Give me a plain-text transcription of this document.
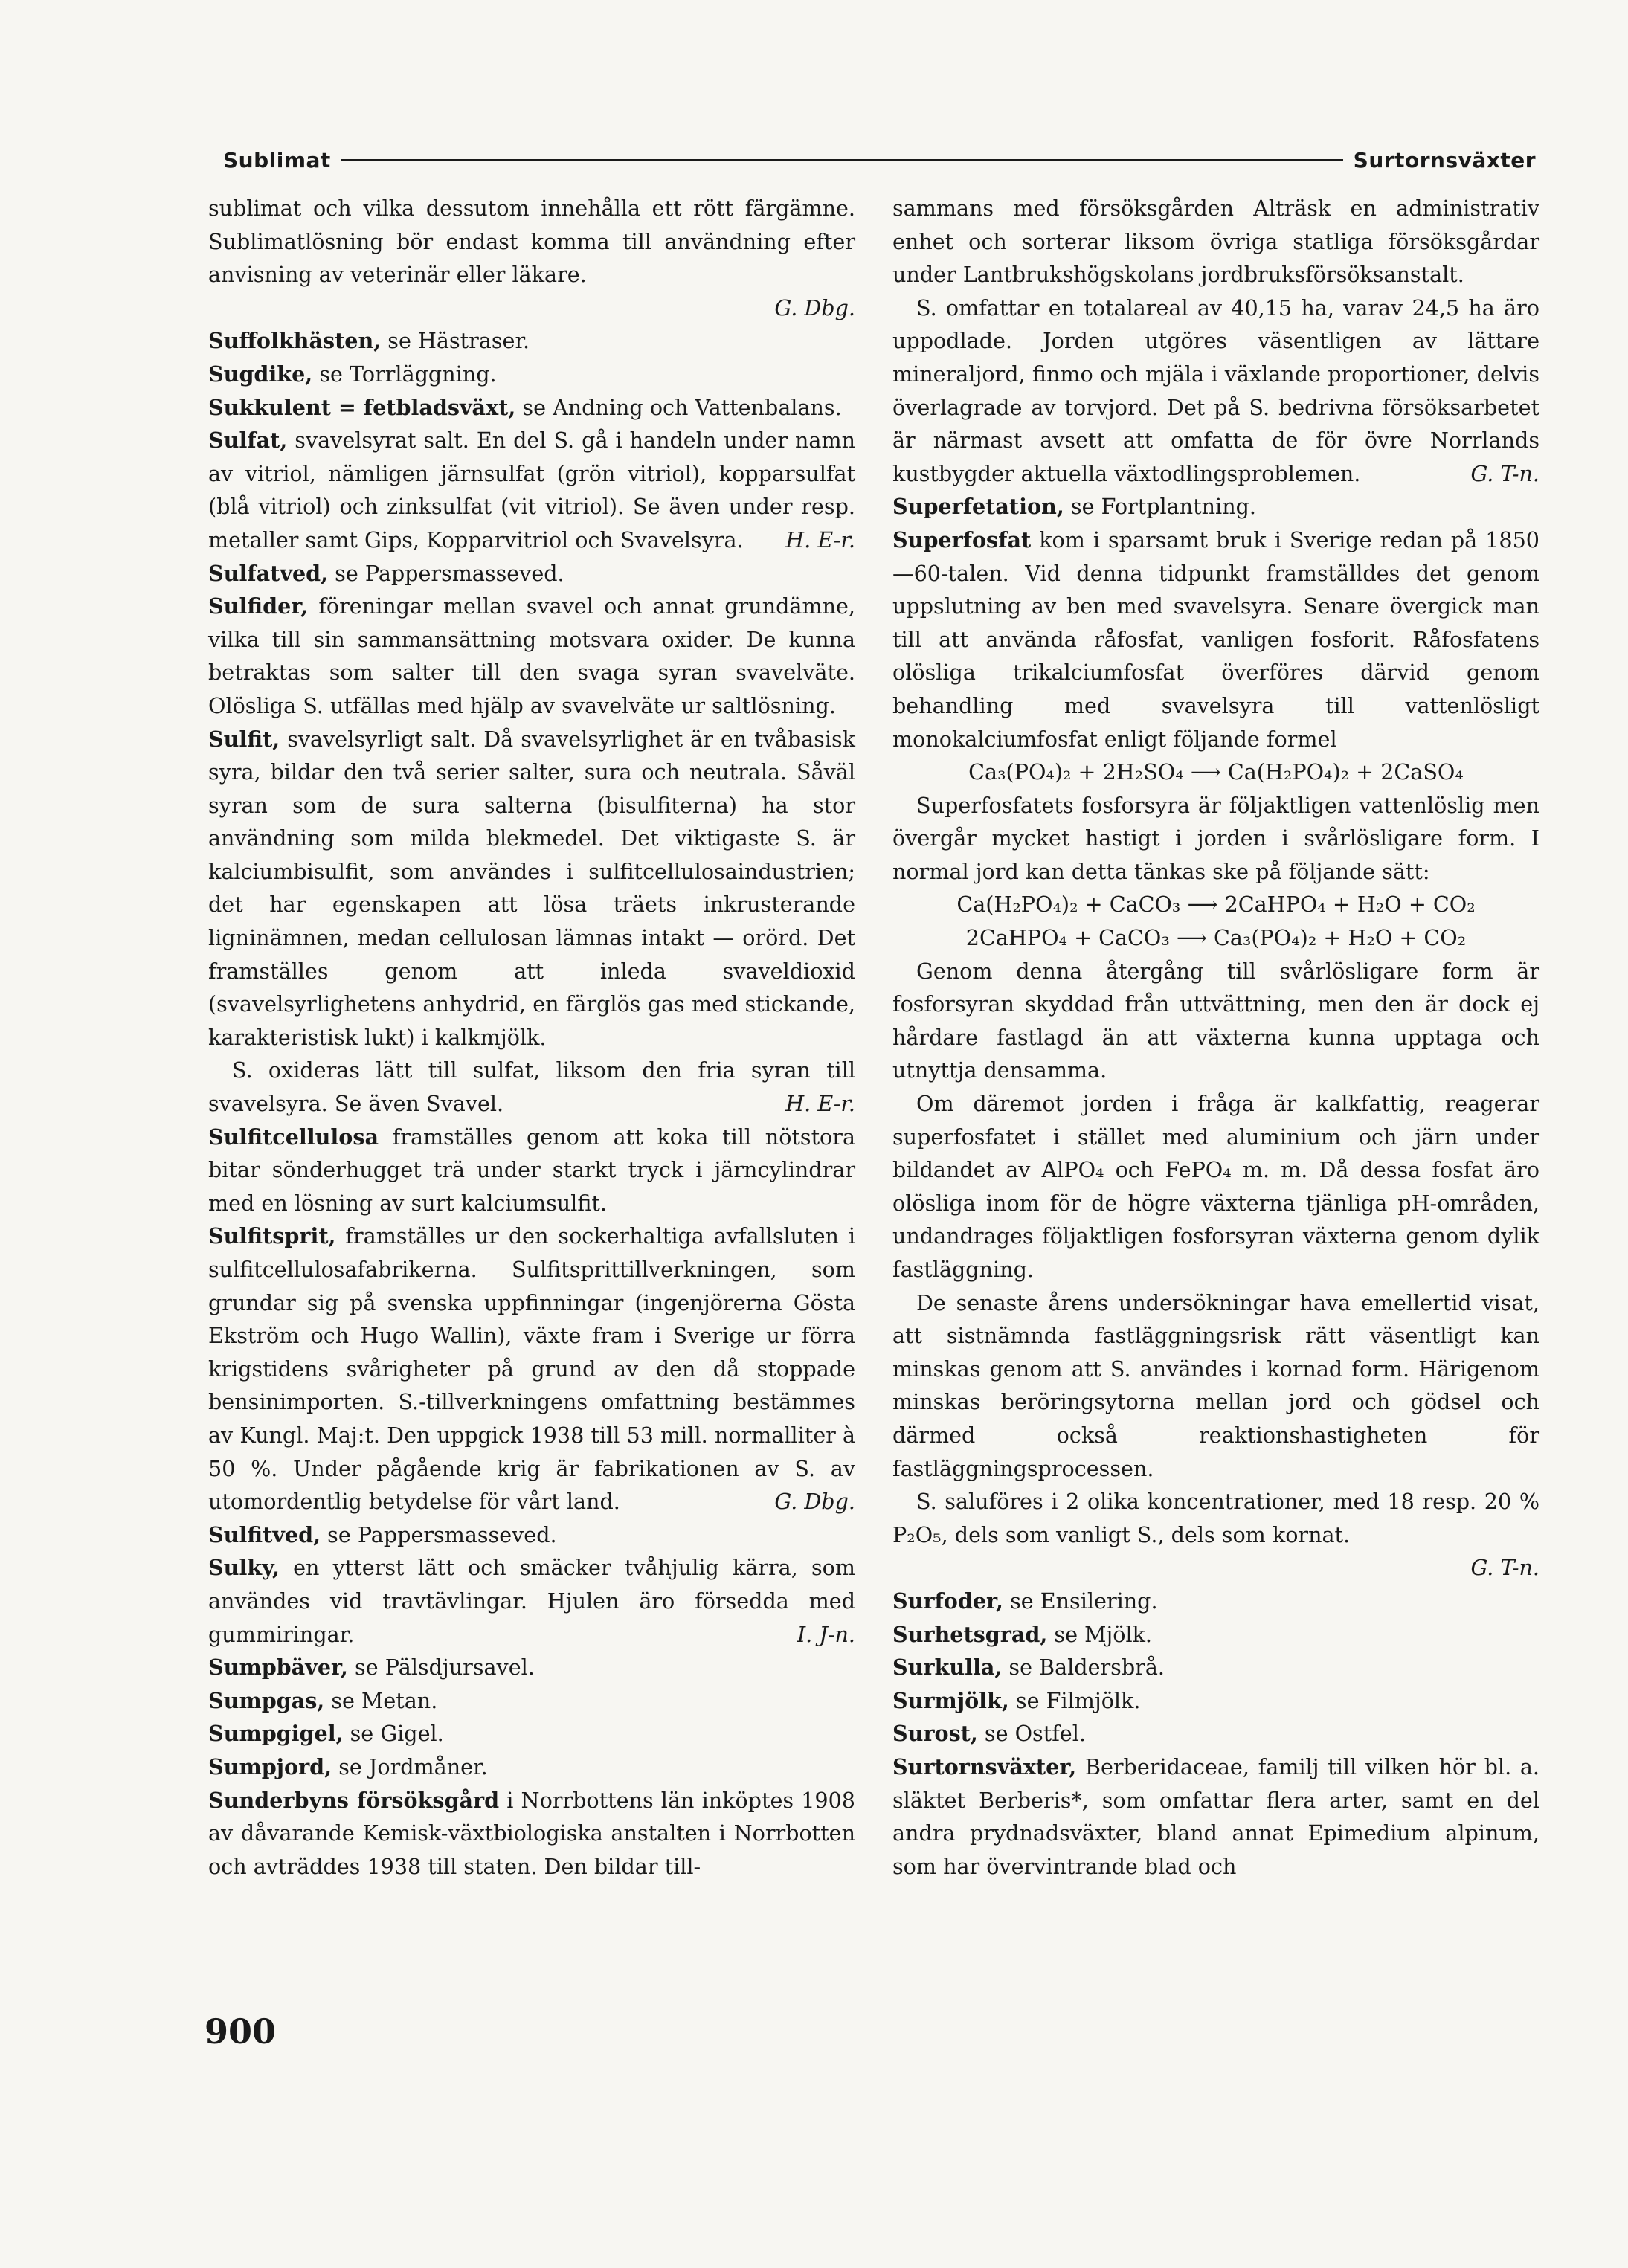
Sublimat	Surtornsväxter

sublimat och vilka dessutom innehålla ett rött färgämne. Sublimatlösning bör endast komma till användning efter anvisning av veterinär eller läkare.

G. Dbg.

Suffolkhästen, se Hästraser.

Sugdike, se Torrläggning.

Sukkulent = fetbladsväxt, se Andning och Vattenbalans.

Sulfat, svavelsyrat salt. En del S. gå i handeln under namn av vitriol, nämligen järnsulfat (grön vitriol), kopparsulfat (blå vitriol) och zinksulfat (vit vitriol). Se även under resp. metaller samt Gips, Kopparvitriol och Svavelsyra.	H. E-r.

Sulfatved, se Pappersmasseved.

Sulfider, föreningar mellan svavel och annat grundämne, vilka till sin sammansättning motsvara oxider. De kunna betraktas som salter till den svaga syran svavelväte. Olösliga S. utfällas med hjälp av svavelväte ur saltlösning.

Sulfit, svavelsyrligt salt. Då svavelsyrlighet är en tvåbasisk syra, bildar den två serier salter, sura och neutrala. Såväl syran som de sura salterna (bisulfiterna) ha stor användning som milda blekmedel. Det viktigaste S. är kalciumbisulfit, som användes i sulfitcellulosaindustrien; det har egenskapen att lösa träets inkrusterande ligninämnen, medan cellulosan lämnas intakt — orörd. Det framställes genom att inleda svaveldioxid (svavelsyrlighetens anhydrid, en färglös gas med stickande, karakteristisk lukt) i kalkmjölk.

S. oxideras lätt till sulfat, liksom den fria syran till svavelsyra. Se även Svavel.	H. E-r.

Sulfitcellulosa framställes genom att koka till nötstora bitar sönderhugget trä under starkt tryck i järncylindrar med en lösning av surt kalciumsulfit.

Sulfitsprit, framställes ur den sockerhaltiga avfallsluten i sulfitcellulosafabrikerna. Sulfitsprittillverkningen, som grundar sig på svenska uppfinningar (ingenjörerna Gösta Ekström och Hugo Wallin), växte fram i Sverige ur förra krigstidens svårigheter på grund av den då stoppade bensinimporten. S.-tillverkningens omfattning bestämmes av Kungl. Maj:t. Den uppgick 1938 till 53 mill. normalliter à 50 %. Under pågående krig är fabrikationen av S. av utomordentlig betydelse för vårt land.	G. Dbg.

Sulfitved, se Pappersmasseved.

Sulky, en ytterst lätt och smäcker tvåhjulig kärra, som användes vid travtävlingar. Hjulen äro försedda med gummiringar.	I. J-n.

Sumpbäver, se Pälsdjursavel.

Sumpgas, se Metan.

Sumpgigel, se Gigel.

Sumpjord, se Jordmåner.

Sunderbyns försöksgård i Norrbottens län inköptes 1908 av dåvarande Kemisk-växtbiologiska anstalten i Norrbotten och avträddes 1938 till staten. Den bildar till-

sammans med försöksgården Alträsk en administrativ enhet och sorterar liksom övriga statliga försöksgårdar under Lantbrukshögskolans jordbruksförsöksanstalt.

S. omfattar en totalareal av 40,15 ha, varav 24,5 ha äro uppodlade. Jorden utgöres väsentligen av lättare mineraljord, finmo och mjäla i växlande proportioner, delvis överlagrade av torvjord. Det på S. bedrivna försöksarbetet är närmast avsett att omfatta de för övre Norrlands kustbygder aktuella växtodlingsproblemen.	G. T-n.

Superfetation, se Fortplantning.

Superfosfat kom i sparsamt bruk i Sverige redan på 1850—60-talen. Vid denna tidpunkt framställdes det genom uppslutning av ben med svavelsyra. Senare övergick man till att använda råfosfat, vanligen fosforit. Råfosfatens olösliga trikalciumfosfat överföres därvid genom behandling med svavelsyra till vattenlösligt monokalciumfosfat enligt följande formel

Ca₃(PO₄)₂ + 2H₂SO₄ ⟶ Ca(H₂PO₄)₂ + 2CaSO₄

Superfosfatets fosforsyra är följaktligen vattenlöslig men övergår mycket hastigt i jorden i svårlösligare form. I normal jord kan detta tänkas ske på följande sätt:

Ca(H₂PO₄)₂ + CaCO₃ ⟶ 2CaHPO₄ + H₂O + CO₂

2CaHPO₄ + CaCO₃ ⟶ Ca₃(PO₄)₂ + H₂O + CO₂

Genom denna återgång till svårlösligare form är fosforsyran skyddad från uttvättning, men den är dock ej hårdare fastlagd än att växterna kunna upptaga och utnyttja densamma.

Om däremot jorden i fråga är kalkfattig, reagerar superfosfatet i stället med aluminium och järn under bildandet av AlPO₄ och FePO₄ m. m. Då dessa fosfat äro olösliga inom för de högre växterna tjänliga pH-områden, undandrages följaktligen fosforsyran växterna genom dylik fastläggning.

De senaste årens undersökningar hava emellertid visat, att sistnämnda fastläggningsrisk rätt väsentligt kan minskas genom att S. användes i kornad form. Härigenom minskas beröringsytorna mellan jord och gödsel och därmed också reaktionshastigheten för fastläggningsprocessen.

S. saluföres i 2 olika koncentrationer, med 18 resp. 20 % P₂O₅, dels som vanligt S., dels som kornat.

G. T-n.

Surfoder, se Ensilering.

Surhetsgrad, se Mjölk.

Surkulla, se Baldersbrå.

Surmjölk, se Filmjölk.

Surost, se Ostfel.

Surtornsväxter, Berberidaceae, familj till vilken hör bl. a. släktet Berberis*, som omfattar flera arter, samt en del andra prydnadsväxter, bland annat Epimedium alpinum, som har övervintrande blad och

900
